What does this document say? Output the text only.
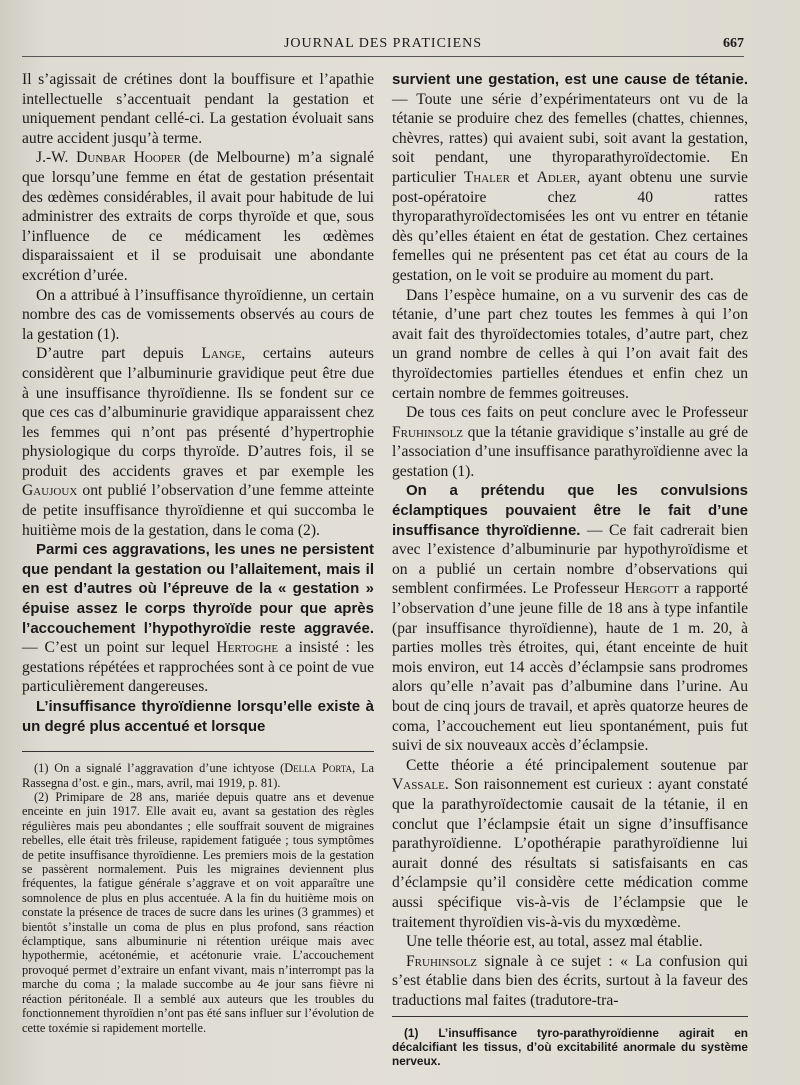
JOURNAL DES PRATICIENS	667

Il s’agissait de crétines dont la bouffisure et l’apathie intellectuelle s’accentuait pendant la gestation et uniquement pendant cellé-ci. La gestation évoluait sans autre accident jusqu’à terme.

J.-W. Dunbar Hooper (de Melbourne) m’a signalé que lorsqu’une femme en état de gestation présentait des œdèmes considérables, il avait pour habitude de lui administrer des extraits de corps thyroïde et que, sous l’influence de ce médicament les œdèmes disparaissaient et il se produisait une abondante excrétion d’urée.

On a attribué à l’insuffisance thyroïdienne, un certain nombre des cas de vomissements observés au cours de la gestation (1).

D’autre part depuis Lange, certains auteurs considèrent que l’albuminurie gravidique peut être due à une insuffisance thyroïdienne. Ils se fondent sur ce que ces cas d’albuminurie gravidique apparaissent chez les femmes qui n’ont pas présenté d’hypertrophie physiologique du corps thyroïde. D’autres fois, il se produit des accidents graves et par exemple les Gaujoux ont publié l’observation d’une femme atteinte de petite insuffisance thyroïdienne et qui succomba le huitième mois de la gestation, dans le coma (2).

Parmi ces aggravations, les unes ne persistent que pendant la gestation ou l’allaitement, mais il en est d’autres où l’épreuve de la « gestation » épuise assez le corps thyroïde pour que après l’accouchement l’hypothyroïdie reste aggravée. — C’est un point sur lequel Hertoghe a insisté : les gestations répétées et rapprochées sont à ce point de vue particulièrement dangereuses.

L’insuffisance thyroïdienne lorsqu’elle existe à un degré plus accentué et lorsque

(1) On a signalé l’aggravation d’une ichtyose (Della Porta, La Rassegna d’ost. e gin., mars, avril, mai 1919, p. 81).

(2) Primipare de 28 ans, mariée depuis quatre ans et devenue enceinte en juin 1917. Elle avait eu, avant sa gestation des règles régulières mais peu abondantes ; elle souffrait souvent de migraines rebelles, elle était très frileuse, rapidement fatiguée ; tous symptômes de petite insuffisance thyroïdienne. Les premiers mois de la gestation se passèrent normalement. Puis les migraines deviennent plus fréquentes, la fatigue générale s’aggrave et on voit apparaître une somnolence de plus en plus accentuée. A la fin du huitième mois on constate la présence de traces de sucre dans les urines (3 grammes) et bientôt s’installe un coma de plus en plus profond, sans réaction éclamptique, sans albuminurie ni rétention uréique mais avec hypothermie, acétonémie, et acétonurie vraie. L’accouchement provoqué permet d’extraire un enfant vivant, mais n’interrompt pas la marche du coma ; la malade succombe au 4e jour sans fièvre ni réaction péritonéale. Il a semblé aux auteurs que les troubles du fonctionnement thyroïdien n’ont pas été sans influer sur l’évolution de cette toxémie si rapidement mortelle.

survient une gestation, est une cause de tétanie. — Toute une série d’expérimentateurs ont vu de la tétanie se produire chez des femelles (chattes, chiennes, chèvres, rattes) qui avaient subi, soit avant la gestation, soit pendant, une thyroparathyroïdectomie. En particulier Thaler et Adler, ayant obtenu une survie post-opératoire chez 40 rattes thyroparathyroïdectomisées les ont vu entrer en tétanie dès qu’elles étaient en état de gestation. Chez certaines femelles qui ne présentent pas cet état au cours de la gestation, on le voit se produire au moment du part.

Dans l’espèce humaine, on a vu survenir des cas de tétanie, d’une part chez toutes les femmes à qui l’on avait fait des thyroïdectomies totales, d’autre part, chez un grand nombre de celles à qui l’on avait fait des thyroïdectomies partielles étendues et enfin chez un certain nombre de femmes goitreuses.

De tous ces faits on peut conclure avec le Professeur Fruhinsolz que la tétanie gravidique s’installe au gré de l’association d’une insuffisance parathyroïdienne avec la gestation (1).

On a prétendu que les convulsions éclamptiques pouvaient être le fait d’une insuffisance thyroïdienne. — Ce fait cadrerait bien avec l’existence d’albuminurie par hypothyroïdisme et on a publié un certain nombre d’observations qui semblent confirmées. Le Professeur Hergott a rapporté l’observation d’une jeune fille de 18 ans à type infantile (par insuffisance thyroïdienne), haute de 1 m. 20, à parties molles très étroites, qui, étant enceinte de huit mois environ, eut 14 accès d’éclampsie sans prodromes alors qu’elle n’avait pas d’albumine dans l’urine. Au bout de cinq jours de travail, et après quatorze heures de coma, l’accouchement eut lieu spontanément, puis fut suivi de six nouveaux accès d’éclampsie.

Cette théorie a été principalement soutenue par Vassale. Son raisonnement est curieux : ayant constaté que la parathyroïdectomie causait de la tétanie, il en conclut que l’éclampsie était un signe d’insuffisance parathyroïdienne. L’opothérapie parathyroïdienne lui aurait donné des résultats si satisfaisants en cas d’éclampsie qu’il considère cette médication comme aussi spécifique vis-à-vis de l’éclampsie que le traitement thyroïdien vis-à-vis du myxœdème.

Une telle théorie est, au total, assez mal établie.

Fruhinsolz signale à ce sujet : « La confusion qui s’est établie dans bien des écrits, surtout à la faveur des traductions mal faites (tradutore-tra-

(1) L’insuffisance tyro-parathyroïdienne agirait en décalcifiant les tissus, d’où excitabilité anormale du système nerveux.
